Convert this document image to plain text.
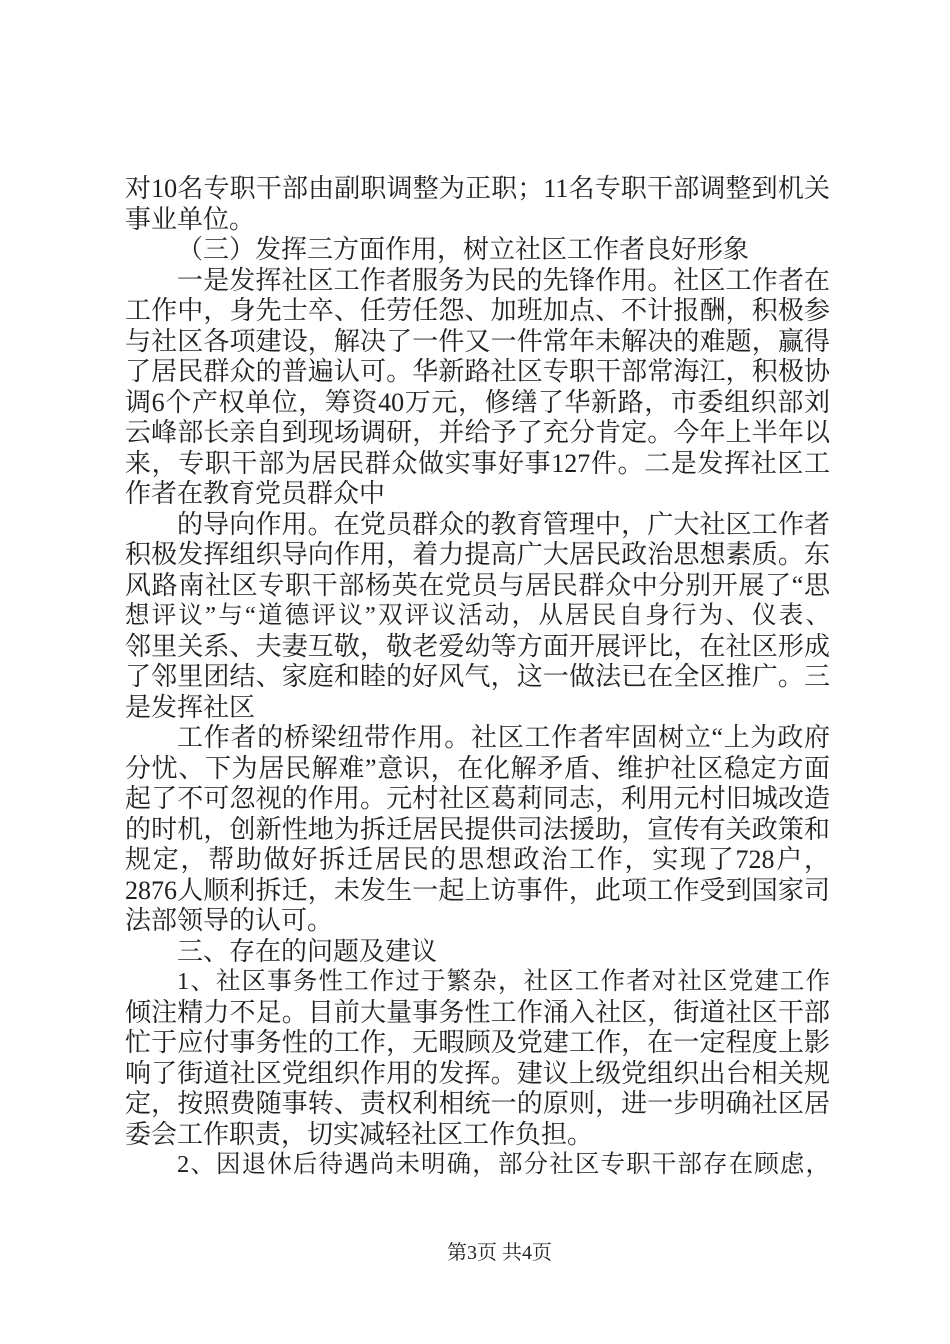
对10名专职干部由副职调整为正职；11名专职干部调整到机关
事业单位。
（三）发挥三方面作用，树立社区工作者良好形象
一是发挥社区工作者服务为民的先锋作用。社区工作者在
工作中，身先士卒、任劳任怨、加班加点、不计报酬，积极参
与社区各项建设，解决了一件又一件常年未解决的难题，赢得
了居民群众的普遍认可。华新路社区专职干部常海江，积极协
调6个产权单位，筹资40万元，修缮了华新路，市委组织部刘
云峰部长亲自到现场调研，并给予了充分肯定。今年上半年以
来，专职干部为居民群众做实事好事127件。二是发挥社区工
作者在教育党员群众中
的导向作用。在党员群众的教育管理中，广大社区工作者
积极发挥组织导向作用，着力提高广大居民政治思想素质。东
风路南社区专职干部杨英在党员与居民群众中分别开展了“思
想评议”与“道德评议”双评议活动，从居民自身行为、仪表、
邻里关系、夫妻互敬，敬老爱幼等方面开展评比，在社区形成
了邻里团结、家庭和睦的好风气，这一做法已在全区推广。三
是发挥社区
工作者的桥梁纽带作用。社区工作者牢固树立“上为政府
分忧、下为居民解难”意识，在化解矛盾、维护社区稳定方面
起了不可忽视的作用。元村社区葛莉同志，利用元村旧城改造
的时机，创新性地为拆迁居民提供司法援助，宣传有关政策和
规定，帮助做好拆迁居民的思想政治工作，实现了728户，
2876人顺利拆迁，未发生一起上访事件，此项工作受到国家司
法部领导的认可。
三、存在的问题及建议
1、社区事务性工作过于繁杂，社区工作者对社区党建工作
倾注精力不足。目前大量事务性工作涌入社区，街道社区干部
忙于应付事务性的工作，无暇顾及党建工作，在一定程度上影
响了街道社区党组织作用的发挥。建议上级党组织出台相关规
定，按照费随事转、责权利相统一的原则，进一步明确社区居
委会工作职责，切实减轻社区工作负担。
2、因退休后待遇尚未明确，部分社区专职干部存在顾虑，
第3页 共4页
